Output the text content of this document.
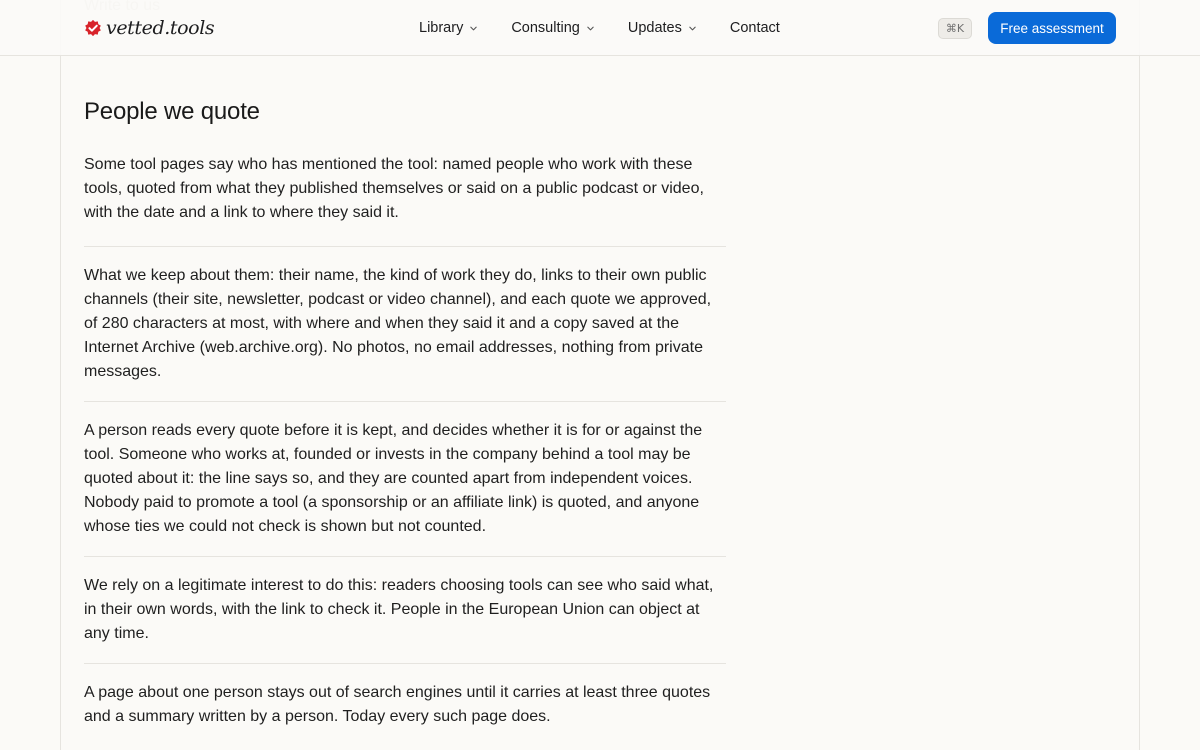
vetted.tools	Library	Consulting	Updates	Contact	⌘K	Free assessment
People we quote

Some tool pages say who has mentioned the tool: named people who work with these tools, quoted from what they published themselves or said on a public podcast or video, with the date and a link to where they said it.

What we keep about them: their name, the kind of work they do, links to their own public channels (their site, newsletter, podcast or video channel), and each quote we approved, of 280 characters at most, with where and when they said it and a copy saved at the Internet Archive (web.archive.org). No photos, no email addresses, nothing from private messages.

A person reads every quote before it is kept, and decides whether it is for or against the tool. Someone who works at, founded or invests in the company behind a tool may be quoted about it: the line says so, and they are counted apart from independent voices. Nobody paid to promote a tool (a sponsorship or an affiliate link) is quoted, and anyone whose ties we could not check is shown but not counted.

We rely on a legitimate interest to do this: readers choosing tools can see who said what, in their own words, with the link to check it. People in the European Union can object at any time.

A page about one person stays out of search engines until it carries at least three quotes and a summary written by a person. Today every such page does.
